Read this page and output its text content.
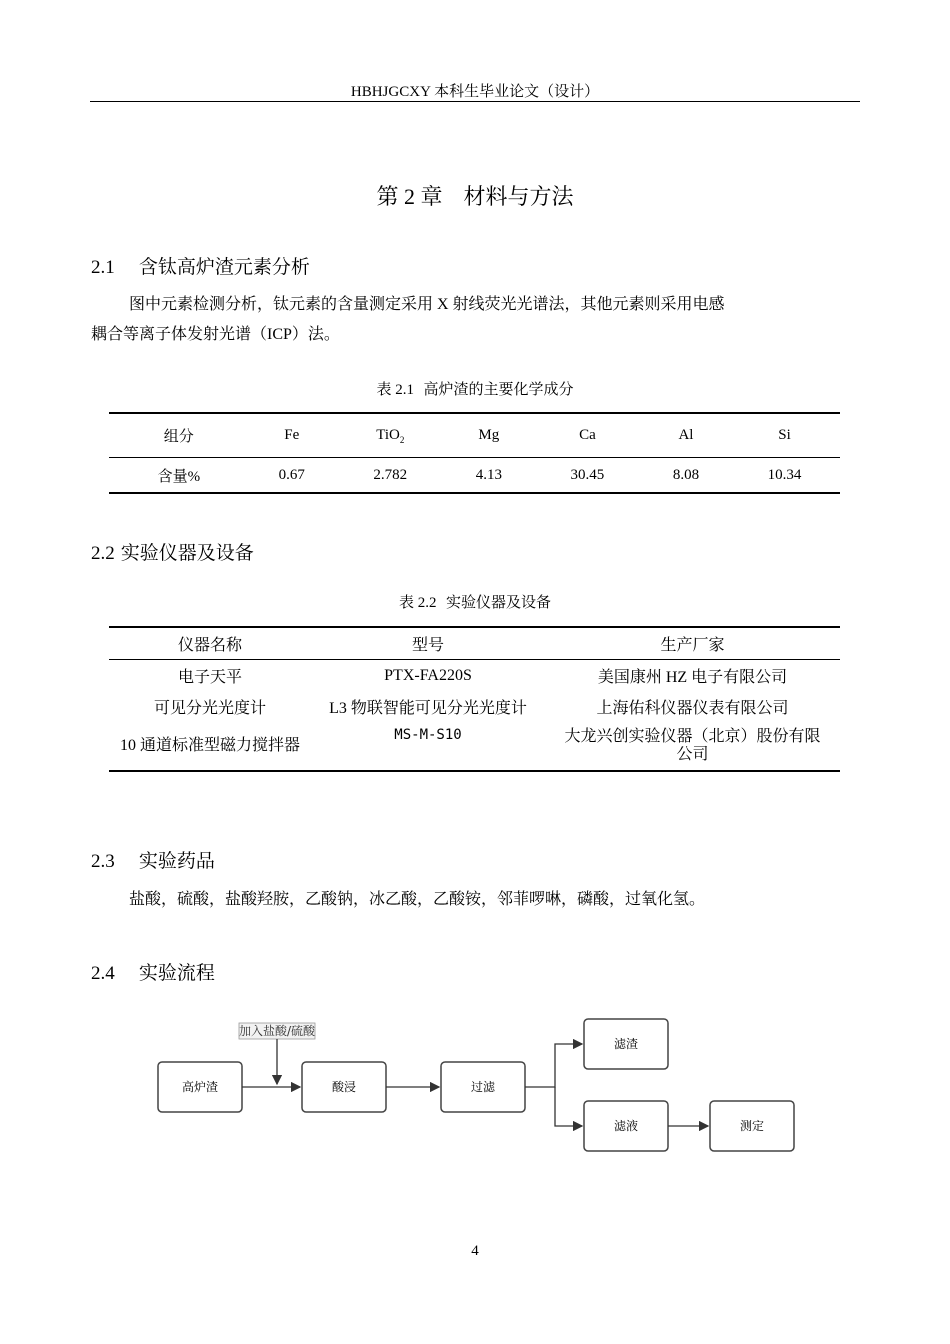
HBHJGCXY 本科生毕业论文（设计）
第 2 章 材料与方法
2.1 含钛高炉渣元素分析
图中元素检测分析，钛元素的含量测定采用 X 射线荧光光谱法，其他元素则采用电感
耦合等离子体发射光谱（ICP）法。
表 2.1 高炉渣的主要化学成分
组分	Fe	TiO$_2$	Mg	Ca	Al	Si
含量%	0.67	2.782	4.13	30.45	8.08	10.34
2.2 实验仪器及设备
表 2.2 实验仪器及设备
仪器名称	型号	生产厂家
电子天平	PTX-FA220S	美国康州 HZ 电子有限公司
可见分光光度计	L3 物联智能可见分光光度计	上海佑科仪器仪表有限公司
10 通道标准型磁力搅拌器	MS-M-S10	大龙兴创实验仪器（北京）股份有限公司
2.3 实验药品
盐酸，硫酸，盐酸羟胺，乙酸钠，冰乙酸，乙酸铵，邻菲啰啉，磷酸，过氧化氢。
2.4 实验流程
加入盐酸/硫酸
高炉渣	酸浸	过滤
滤渣
滤液	测定
4
